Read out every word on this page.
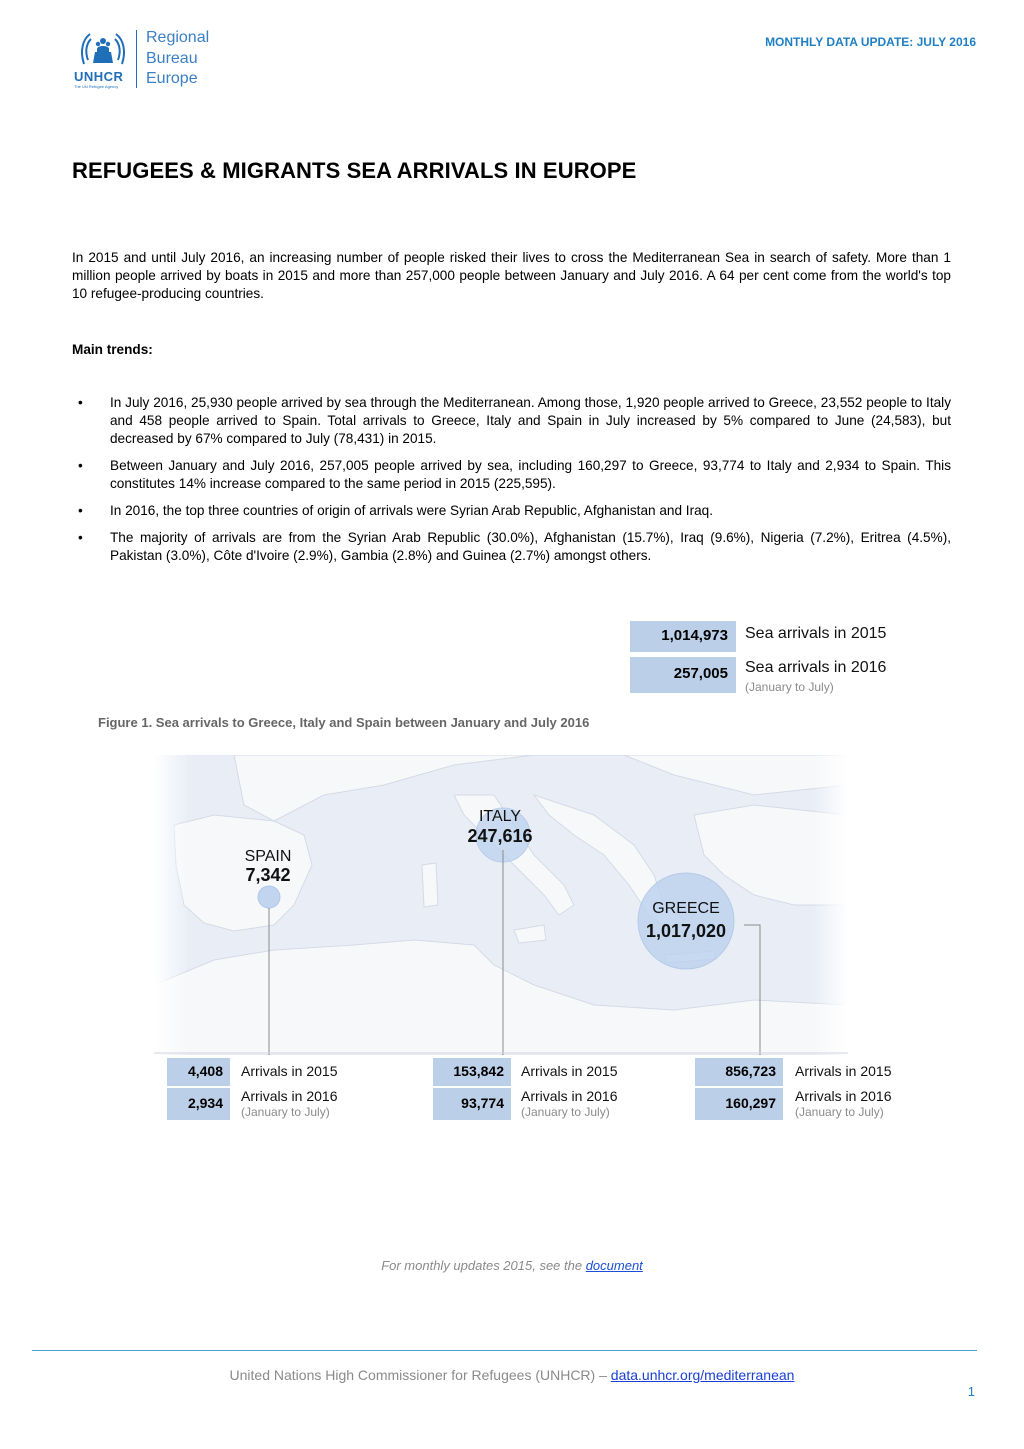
UNHCR
The UN Refugee Agency
Regional
Bureau
Europe
MONTHLY DATA UPDATE: JULY 2016
REFUGEES & MIGRANTS SEA ARRIVALS IN EUROPE
In 2015 and until July 2016, an increasing number of people risked their lives to cross the Mediterranean Sea in search of safety. More than 1 million people arrived by boats in 2015 and more than 257,000 people between January and July 2016. A 64 per cent come from the world's top 10 refugee-producing countries.
Main trends:
• In July 2016, 25,930 people arrived by sea through the Mediterranean. Among those, 1,920 people arrived to Greece, 23,552 people to Italy and 458 people arrived to Spain. Total arrivals to Greece, Italy and Spain in July increased by 5% compared to June (24,583), but decreased by 67% compared to July (78,431) in 2015.
• Between January and July 2016, 257,005 people arrived by sea, including 160,297 to Greece, 93,774 to Italy and 2,934 to Spain. This constitutes 14% increase compared to the same period in 2015 (225,595).
• In 2016, the top three countries of origin of arrivals were Syrian Arab Republic, Afghanistan and Iraq.
• The majority of arrivals are from the Syrian Arab Republic (30.0%), Afghanistan (15.7%), Iraq (9.6%), Nigeria (7.2%), Eritrea (4.5%), Pakistan (3.0%), Côte d'Ivoire (2.9%), Gambia (2.8%) and Guinea (2.7%) amongst others.
1,014,973	Sea arrivals in 2015
257,005	Sea arrivals in 2016
(January to July)
Figure 1. Sea arrivals to Greece, Italy and Spain between January and July 2016
SPAIN
7,342
ITALY
247,616
GREECE
1,017,020
4,408	Arrivals in 2015
2,934	Arrivals in 2016
(January to July)
153,842	Arrivals in 2015
93,774	Arrivals in 2016
(January to July)
856,723	Arrivals in 2015
160,297	Arrivals in 2016
(January to July)
For monthly updates 2015, see the document
United Nations High Commissioner for Refugees (UNHCR) – data.unhcr.org/mediterranean
1
